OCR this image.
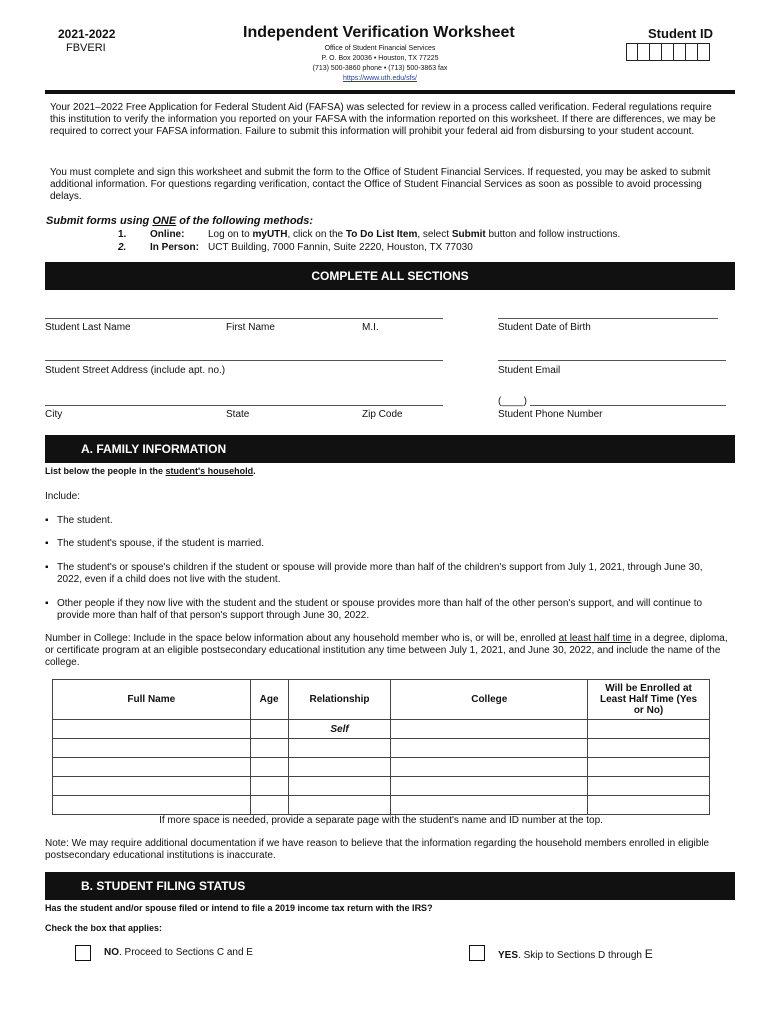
2021-2022
FBVERI
Independent Verification Worksheet
Office of Student Financial Services
P. O. Box 20036 • Houston, TX 77225
(713) 500-3860 phone • (713) 500-3863 fax
https://www.uth.edu/sfs/
Student ID
Your 2021–2022 Free Application for Federal Student Aid (FAFSA) was selected for review in a process called verification. Federal regulations require this institution to verify the information you reported on your FAFSA with the information reported on this worksheet. If there are differences, we may be required to correct your FAFSA information. Failure to submit this information will prohibit your federal aid from disbursing to your student account.
You must complete and sign this worksheet and submit the form to the Office of Student Financial Services. If requested, you may be asked to submit additional information. For questions regarding verification, contact the Office of Student Financial Services as soon as possible to avoid processing delays.
Submit forms using ONE of the following methods:
1. Online: Log on to myUTH, click on the To Do List Item, select Submit button and follow instructions.
2. In Person: UCT Building, 7000 Fannin, Suite 2220, Houston, TX 77030
COMPLETE ALL SECTIONS
Student Last Name	First Name	M.I.	Student Date of Birth
Student Street Address (include apt. no.)	Student Email
(____)
City	State	Zip Code	Student Phone Number
A. FAMILY INFORMATION
List below the people in the student's household.
Include:
▪ The student.
▪ The student's spouse, if the student is married.
▪ The student's or spouse's children if the student or spouse will provide more than half of the children's support from July 1, 2021, through June 30, 2022, even if a child does not live with the student.
▪ Other people if they now live with the student and the student or spouse provides more than half of the other person's support, and will continue to provide more than half of that person's support through June 30, 2022.
Number in College: Include in the space below information about any household member who is, or will be, enrolled at least half time in a degree, diploma, or certificate program at an eligible postsecondary educational institution any time between July 1, 2021, and June 30, 2022, and include the name of the college.
Full Name	Age	Relationship	College	Will be Enrolled at Least Half Time (Yes or No)
		Self		

If more space is needed, provide a separate page with the student's name and ID number at the top.
Note: We may require additional documentation if we have reason to believe that the information regarding the household members enrolled in eligible postsecondary educational institutions is inaccurate.
B. STUDENT FILING STATUS
Has the student and/or spouse filed or intend to file a 2019 income tax return with the IRS?
Check the box that applies:
NO. Proceed to Sections C and E	YES. Skip to Sections D through E
